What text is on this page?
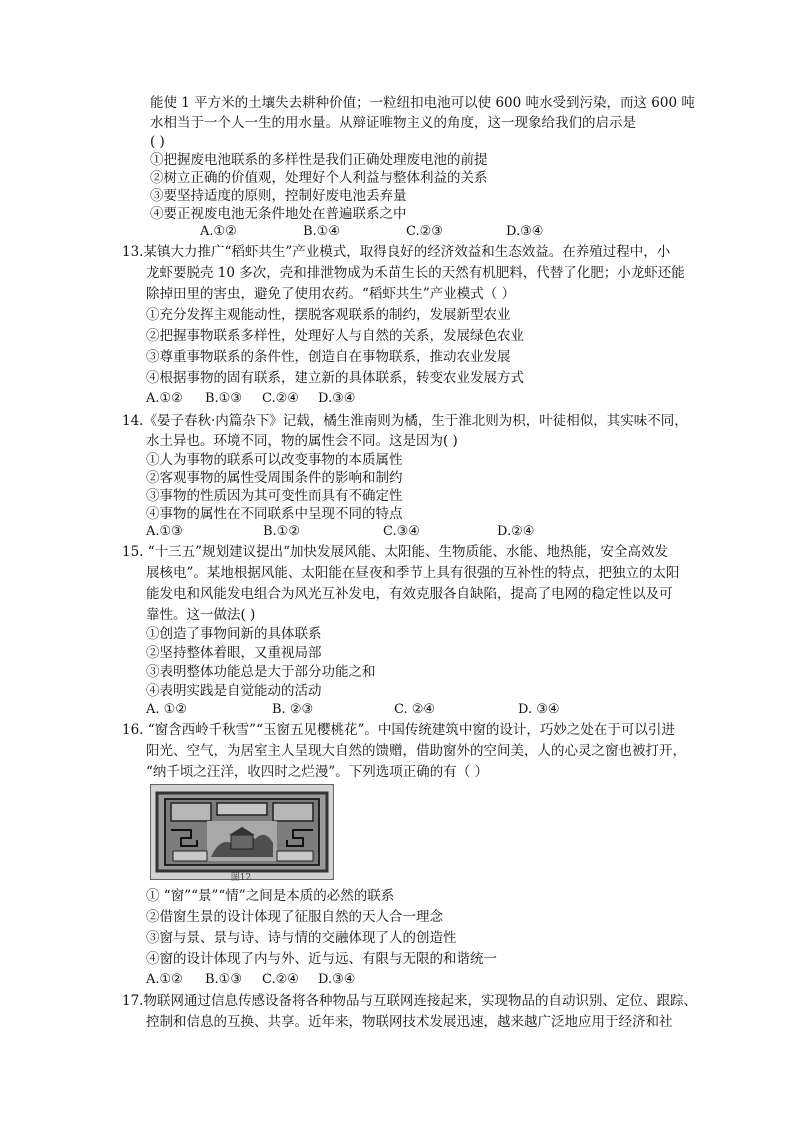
能使 1 平方米的土壤失去耕种价值；一粒纽扣电池可以使 600 吨水受到污染，而这 600 吨
水相当于一个人一生的用水量。从辩证唯物主义的角度，这一现象给我们的启示是
( )
①把握废电池联系的多样性是我们正确处理废电池的前提
②树立正确的价值观，处理好个人利益与整体利益的关系
③要坚持适度的原则，控制好废电池丢弃量
④要正视废电池无条件地处在普遍联系之中
A.①②	B.①④	C.②③	D.③④
13.某镇大力推广“稻虾共生”产业模式，取得良好的经济效益和生态效益。在养殖过程中，小
龙虾要脱壳 10 多次，壳和排泄物成为禾苗生长的天然有机肥料，代替了化肥；小龙虾还能
除掉田里的害虫，避免了使用农药。“稻虾共生”产业模式（ ）
①充分发挥主观能动性，摆脱客观联系的制约，发展新型农业
②把握事物联系多样性，处理好人与自然的关系，发展绿色农业
③尊重事物联系的条件性，创造自在事物联系，推动农业发展
④根据事物的固有联系，建立新的具体联系，转变农业发展方式
A.①② B.①③ C.②④ D.③④
14.《晏子春秋·内篇杂下》记载，橘生淮南则为橘，生于淮北则为枳，叶徒相似，其实味不同，
水土异也。环境不同，物的属性会不同。这是因为( )
①人为事物的联系可以改变事物的本质属性
②客观事物的属性受周围条件的影响和制约
③事物的性质因为其可变性而具有不确定性
④事物的属性在不同联系中呈现不同的特点
A.①③	B.①②	C.③④	D.②④
15. “十三五”规划建议提出“加快发展风能、太阳能、生物质能、水能、地热能，安全高效发
展核电”。某地根据风能、太阳能在昼夜和季节上具有很强的互补性的特点，把独立的太阳
能发电和风能发电组合为风光互补发电，有效克服各自缺陷，提高了电网的稳定性以及可
靠性。这一做法( )
①创造了事物间新的具体联系
②坚持整体着眼，又重视局部
③表明整体功能总是大于部分功能之和
④表明实践是自觉能动的活动
A. ①②	B. ②③	C. ②④	D. ③④
16. “窗含西岭千秋雪”“玉窗五见樱桃花”。中国传统建筑中窗的设计，巧妙之处在于可以引进
阳光、空气，为居室主人呈现大自然的馈赠，借助窗外的空间美，人的心灵之窗也被打开，
“纳千顷之汪洋，收四时之烂漫”。下列选项正确的有（ ）
图12
① “窗”“景”“情”之间是本质的必然的联系
②借窗生景的设计体现了征服自然的天人合一理念
③窗与景、景与诗、诗与情的交融体现了人的创造性
④窗的设计体现了内与外、近与远、有限与无限的和谐统一
A.①② B.①③ C.②④ D.③④
17.物联网通过信息传感设备将各种物品与互联网连接起来，实现物品的自动识别、定位、跟踪、
控制和信息的互换、共享。近年来，物联网技术发展迅速，越来越广泛地应用于经济和社
